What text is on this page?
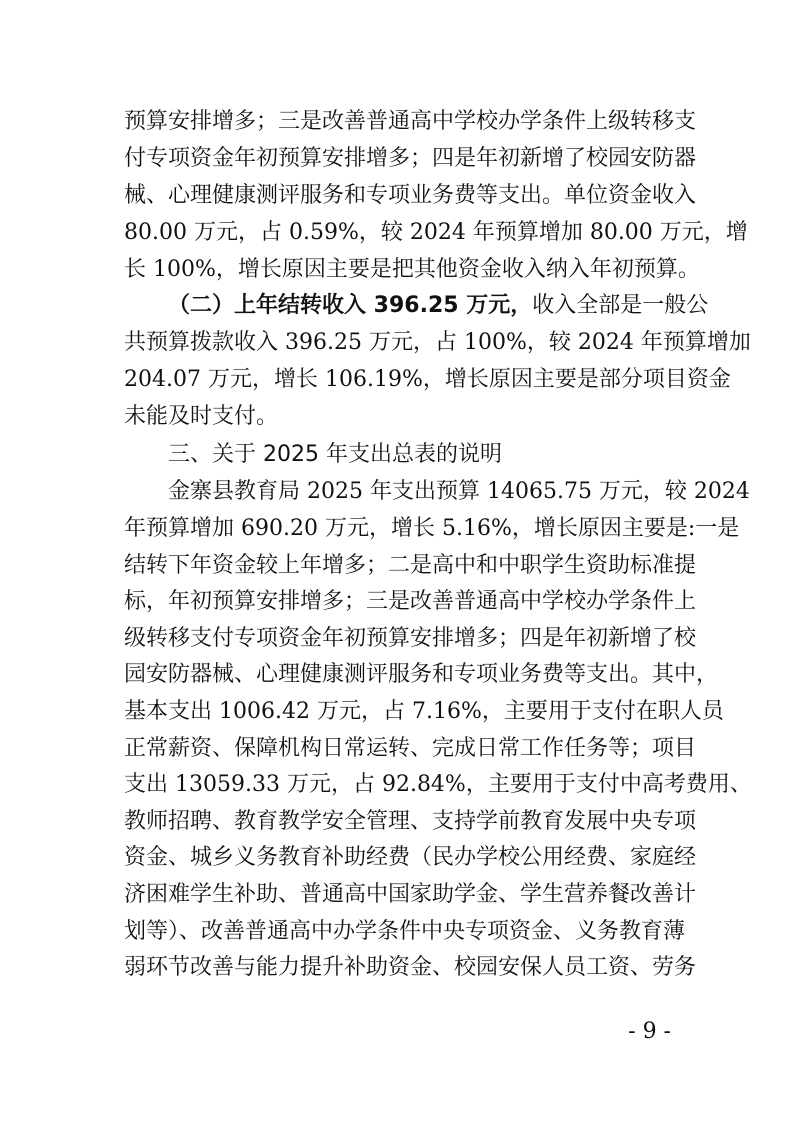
预算安排增多；三是改善普通高中学校办学条件上级转移支
付专项资金年初预算安排增多；四是年初新增了校园安防器
械、心理健康测评服务和专项业务费等支出。单位资金收入
80.00 万元，占 0.59%，较 2024 年预算增加 80.00 万元，增
长 100%，增长原因主要是把其他资金收入纳入年初预算。
（二）上年结转收入 396.25 万元，收入全部是一般公
共预算拨款收入 396.25 万元，占 100%，较 2024 年预算增加
204.07 万元，增长 106.19%，增长原因主要是部分项目资金
未能及时支付。
三、关于 2025 年支出总表的说明
金寨县教育局 2025 年支出预算 14065.75 万元，较 2024
年预算增加 690.20 万元，增长 5.16%，增长原因主要是:一是
结转下年资金较上年增多；二是高中和中职学生资助标准提
标，年初预算安排增多；三是改善普通高中学校办学条件上
级转移支付专项资金年初预算安排增多；四是年初新增了校
园安防器械、心理健康测评服务和专项业务费等支出。其中，
基本支出 1006.42 万元，占 7.16%，主要用于支付在职人员
正常薪资、保障机构日常运转、完成日常工作任务等；项目
支出 13059.33 万元，占 92.84%，主要用于支付中高考费用、
教师招聘、教育教学安全管理、支持学前教育发展中央专项
资金、城乡义务教育补助经费（民办学校公用经费、家庭经
济困难学生补助、普通高中国家助学金、学生营养餐改善计
划等）、改善普通高中办学条件中央专项资金、义务教育薄
弱环节改善与能力提升补助资金、校园安保人员工资、劳务
- 9 -
